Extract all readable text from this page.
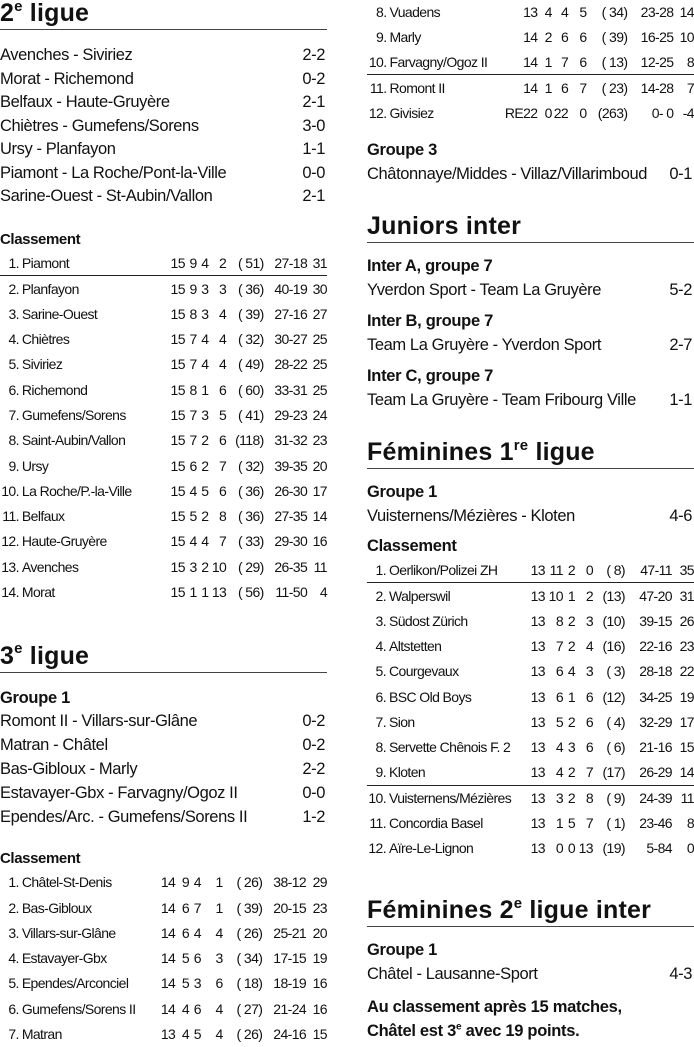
2e ligue
Avenches - Siviriez	2-2
Morat - Richemond	0-2
Belfaux - Haute-Gruyère	2-1
Chiètres - Gumefens/Sorens	3-0
Ursy - Planfayon	1-1
Piamont - La Roche/Pont-la-Ville	0-0
Sarine-Ouest - St-Aubin/Vallon	2-1
Classement
1.	Piamont	15	9	4	2	( 51)	27-18	31
2.	Planfayon	15	9	3	3	( 36)	40-19	30
3.	Sarine-Ouest	15	8	3	4	( 39)	27-16	27
4.	Chiètres	15	7	4	4	( 32)	30-27	25
5.	Siviriez	15	7	4	4	( 49)	28-22	25
6.	Richemond	15	8	1	6	( 60)	33-31	25
7.	Gumefens/Sorens	15	7	3	5	( 41)	29-23	24
8.	Saint-Aubin/Vallon	15	7	2	6	(118)	31-32	23
9.	Ursy	15	6	2	7	( 32)	39-35	20
10.	La Roche/P.-la-Ville	15	4	5	6	( 36)	26-30	17
11.	Belfaux	15	5	2	8	( 36)	27-35	14
12.	Haute-Gruyère	15	4	4	7	( 33)	29-30	16
13.	Avenches	15	3	2	10	( 29)	26-35	11
14.	Morat	15	1	1	13	( 56)	11-50	4
3e ligue
Groupe 1
Romont II - Villars-sur-Glâne	0-2
Matran - Châtel	0-2
Bas-Gibloux - Marly	2-2
Estavayer-Gbx - Farvagny/Ogoz II	0-0
Ependes/Arc. - Gumefens/Sorens II	1-2
Classement
1.	Châtel-St-Denis	14	9	4	1	( 26)	38-12	29
2.	Bas-Gibloux	14	6	7	1	( 39)	20-15	23
3.	Villars-sur-Glâne	14	6	4	4	( 26)	25-21	20
4.	Estavayer-Gbx	14	5	6	3	( 34)	17-15	19
5.	Ependes/Arconciel	14	5	3	6	( 18)	18-19	16
6.	Gumefens/Sorens II	14	4	6	4	( 27)	21-24	16
7.	Matran	13	4	5	4	( 26)	24-16	15
8.	Vuadens	13	4	4	5	( 34)	23-28	14
9.	Marly	14	2	6	6	( 39)	16-25	10
10.	Farvagny/Ogoz II	14	1	7	6	( 13)	12-25	8
11.	Romont II	14	1	6	7	( 23)	14-28	7
12.	Givisiez	RE22	0	22	0	(263)	0- 0	-4
Groupe 3
Châtonnaye/Middes - Villaz/Villarimboud 0-1
Juniors inter
Inter A, groupe 7
Yverdon Sport - Team La Gruyère	5-2
Inter B, groupe 7
Team La Gruyère - Yverdon Sport	2-7
Inter C, groupe 7
Team La Gruyère - Team Fribourg Ville 1-1
Féminines 1re ligue
Groupe 1
Vuisternens/Mézières - Kloten	4-6
Classement
1.	Oerlikon/Polizei ZH	13	11	2	0	( 8)	47-11	35
2.	Walperswil	13	10	1	2	(13)	47-20	31
3.	Südost Zürich	13	8	2	3	(10)	39-15	26
4.	Altstetten	13	7	2	4	(16)	22-16	23
5.	Courgevaux	13	6	4	3	( 3)	28-18	22
6.	BSC Old Boys	13	6	1	6	(12)	34-25	19
7.	Sion	13	5	2	6	( 4)	32-29	17
8.	Servette Chênois F. 2	13	4	3	6	( 6)	21-16	15
9.	Kloten	13	4	2	7	(17)	26-29	14
10.	Vuisternens/Mézières	13	3	2	8	( 9)	24-39	11
11.	Concordia Basel	13	1	5	7	( 1)	23-46	8
12.	Aïre-Le-Lignon	13	0	0	13	(19)	5-84	0
Féminines 2e ligue inter
Groupe 1
Châtel - Lausanne-Sport	4-3
Au classement après 15 matches,
Châtel est 3e avec 19 points.
